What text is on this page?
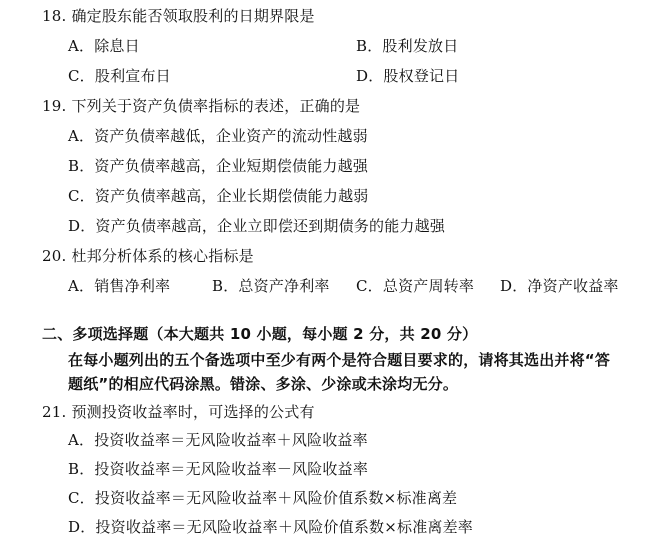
18. 确定股东能否领取股利的日期界限是
A．除息日	B．股利发放日
C．股利宣布日	D．股权登记日
19. 下列关于资产负债率指标的表述，正确的是
A．资产负债率越低，企业资产的流动性越弱
B．资产负债率越高，企业短期偿债能力越强
C．资产负债率越高，企业长期偿债能力越弱
D．资产负债率越高，企业立即偿还到期债务的能力越强
20. 杜邦分析体系的核心指标是
A．销售净利率	B．总资产净利率 C．总资产周转率 D．净资产收益率
二、多项选择题（本大题共 10 小题，每小题 2 分，共 20 分）
在每小题列出的五个备选项中至少有两个是符合题目要求的，请将其选出并将“答
题纸”的相应代码涂黑。错涂、多涂、少涂或未涂均无分。
21. 预测投资收益率时，可选择的公式有
A．投资收益率＝无风险收益率＋风险收益率
B．投资收益率＝无风险收益率－风险收益率
C．投资收益率＝无风险收益率＋风险价值系数×标准离差
D．投资收益率＝无风险收益率＋风险价值系数×标准离差率
